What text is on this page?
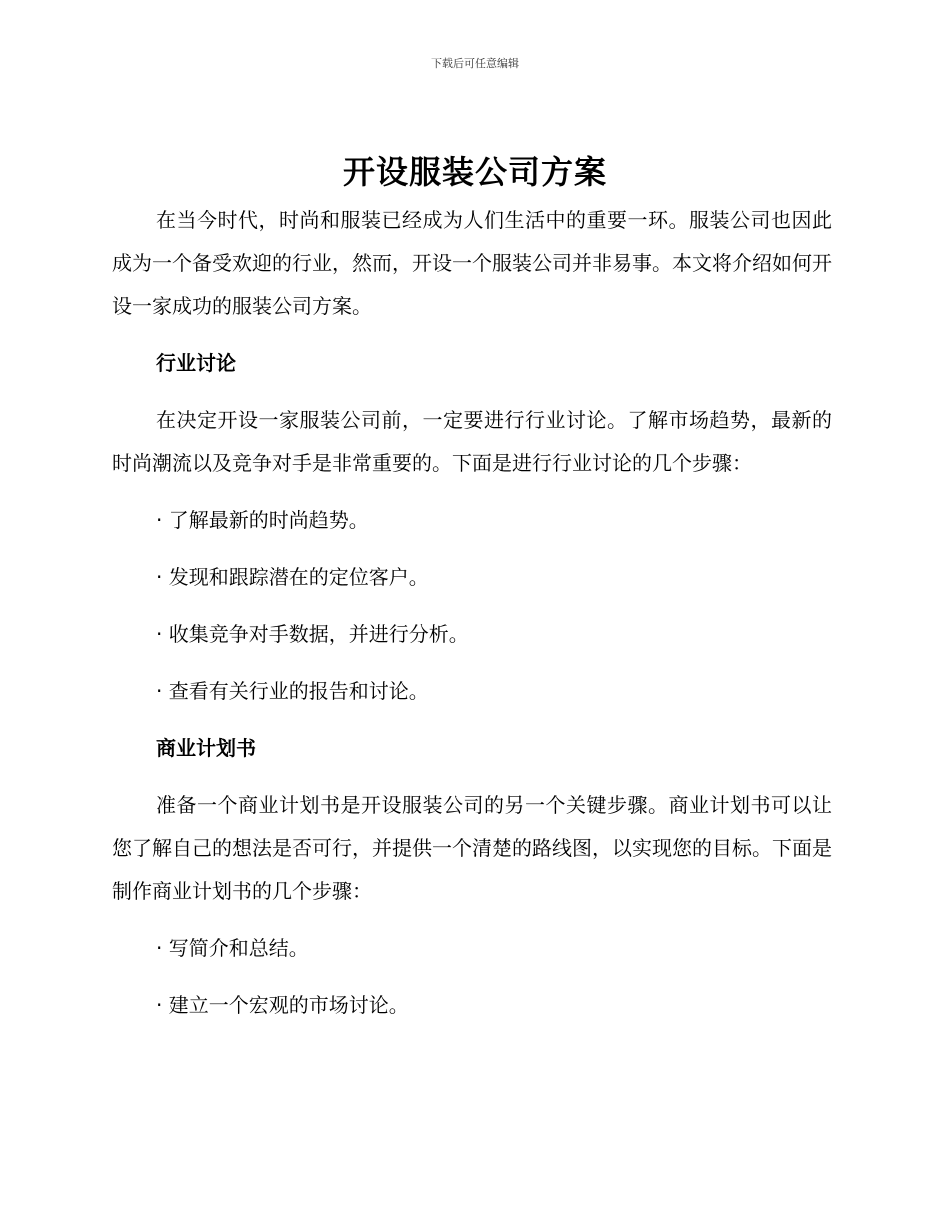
下载后可任意编辑
开设服装公司方案

在当今时代，时尚和服装已经成为人们生活中的重要一环。服装公司也因此成为一个备受欢迎的行业，然而，开设一个服装公司并非易事。本文将介绍如何开设一家成功的服装公司方案。

行业讨论

在决定开设一家服装公司前，一定要进行行业讨论。了解市场趋势，最新的时尚潮流以及竞争对手是非常重要的。下面是进行行业讨论的几个步骤：

· 了解最新的时尚趋势。
· 发现和跟踪潜在的定位客户。
· 收集竞争对手数据，并进行分析。
· 查看有关行业的报告和讨论。
商业计划书

准备一个商业计划书是开设服装公司的另一个关键步骤。商业计划书可以让您了解自己的想法是否可行，并提供一个清楚的路线图，以实现您的目标。下面是制作商业计划书的几个步骤：

· 写简介和总结。
· 建立一个宏观的市场讨论。
